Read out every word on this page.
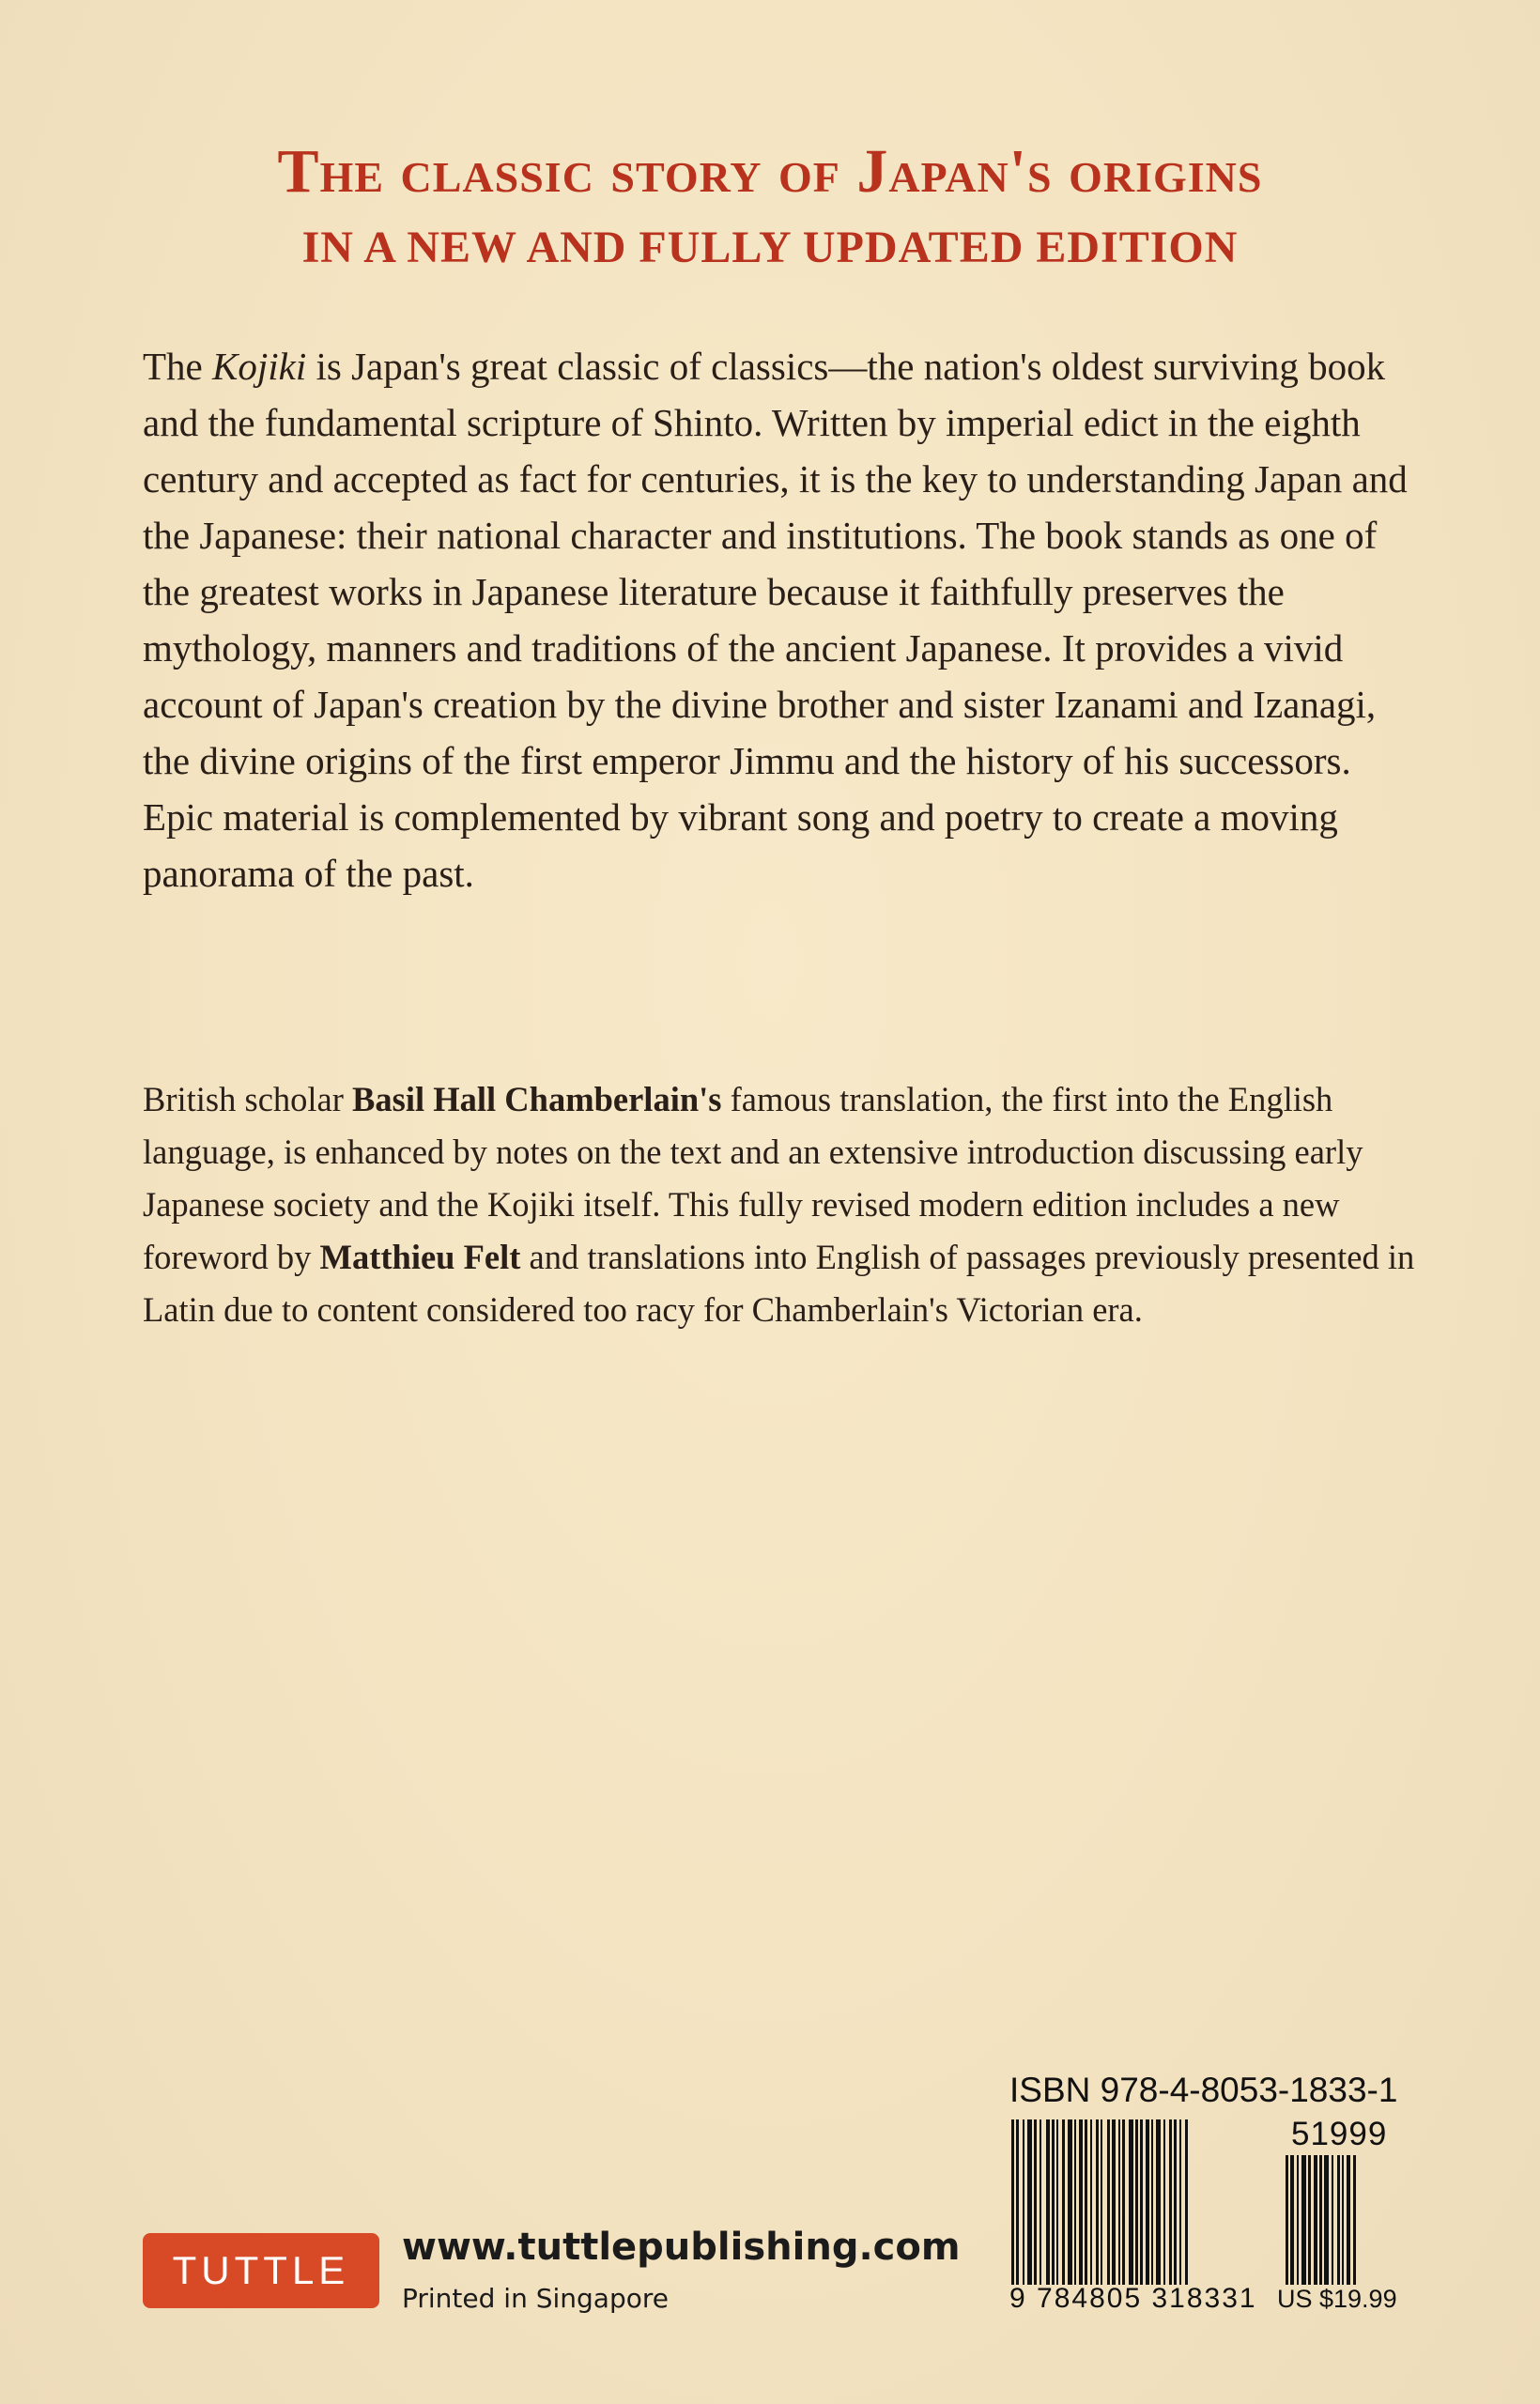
The classic story of Japan's origins
IN A NEW AND FULLY UPDATED EDITION

The Kojiki is Japan's great classic of classics—the nation's oldest surviving book and the fundamental scripture of Shinto. Written by imperial edict in the eighth century and accepted as fact for centuries, it is the key to understanding Japan and the Japanese: their national character and institutions. The book stands as one of the greatest works in Japanese literature because it faithfully preserves the mythology, manners and traditions of the ancient Japanese. It provides a vivid account of Japan's creation by the divine brother and sister Izanami and Izanagi, the divine origins of the first emperor Jimmu and the history of his successors. Epic material is complemented by vibrant song and poetry to create a moving panorama of the past.

British scholar Basil Hall Chamberlain's famous translation, the first into the English language, is enhanced by notes on the text and an extensive introduction discussing early Japanese society and the Kojiki itself. This fully revised modern edition includes a new foreword by Matthieu Felt and translations into English of passages previously presented in Latin due to content considered too racy for Chamberlain's Victorian era.

TUTTLE
www.tuttlepublishing.com
Printed in Singapore
ISBN 978-4-8053-1833-1
51999
9 784805 318331 US $19.99
